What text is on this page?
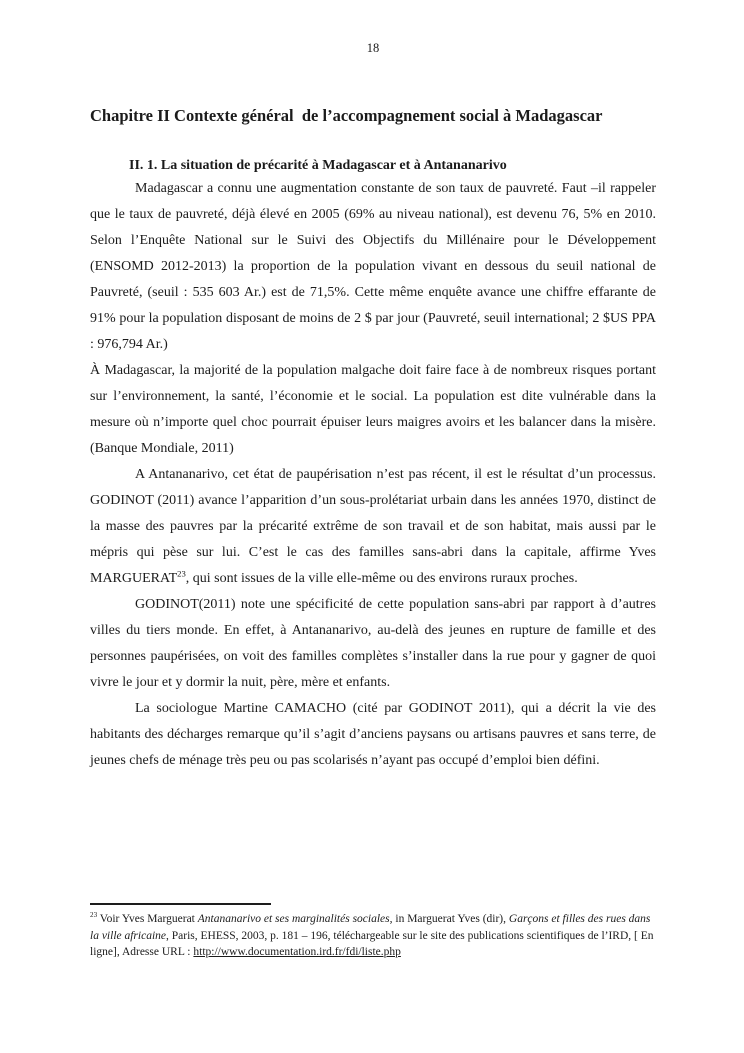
18
Chapitre II Contexte général  de l’accompagnement social à Madagascar
II. 1. La situation de précarité à Madagascar et à Antananarivo

Madagascar a connu une augmentation constante de son taux de pauvreté. Faut –il rappeler que le taux de pauvreté, déjà élevé en 2005 (69% au niveau national), est devenu 76, 5% en 2010. Selon l’Enquête National sur le Suivi des Objectifs du Millénaire pour le Développement (ENSOMD 2012-2013) la proportion de la population vivant en dessous du seuil national de Pauvreté, (seuil : 535 603 Ar.) est de 71,5%. Cette même enquête avance une chiffre effarante de 91% pour la population disposant de moins de 2 $ par jour (Pauvreté, seuil international; 2 $US PPA : 976,794 Ar.)

À Madagascar, la majorité de la population malgache doit faire face à de nombreux risques portant sur l’environnement, la santé, l’économie et le social. La population est dite vulnérable dans la mesure où n’importe quel choc pourrait épuiser leurs maigres avoirs et les balancer dans la misère. (Banque Mondiale, 2011)

A Antananarivo, cet état de paupérisation n’est pas récent, il est le résultat d’un processus. GODINOT (2011) avance l’apparition d’un sous-prolétariat urbain dans les années 1970, distinct de la masse des pauvres par la précarité extrême de son travail et de son habitat, mais aussi par le mépris qui pèse sur lui. C’est le cas des familles sans-abri dans la capitale, affirme Yves MARGUERAT$^{23}$, qui sont issues de la ville elle-même ou des environs ruraux proches.

GODINOT(2011) note une spécificité de cette population sans-abri par rapport à d’autres villes du tiers monde. En effet, à Antananarivo, au-delà des jeunes en rupture de famille et des personnes paupérisées, on voit des familles complètes s’installer dans la rue pour y gagner de quoi vivre le jour et y dormir la nuit, père, mère et enfants.

La sociologue Martine CAMACHO (cité par GODINOT 2011), qui a décrit la vie des habitants des décharges remarque qu’il s’agit d’anciens paysans ou artisans pauvres et sans terre, de jeunes chefs de ménage très peu ou pas scolarisés n’ayant pas occupé d’emploi bien défini.

$^{23}$ Voir Yves Marguerat Antananarivo et ses marginalités sociales, in Marguerat Yves (dir), Garçons et filles des rues dans la ville africaine, Paris, EHESS, 2003, p. 181 – 196, téléchargeable sur le site des publications scientifiques de l’IRD, [ En ligne], Adresse URL : http://www.documentation.ird.fr/fdi/liste.php
